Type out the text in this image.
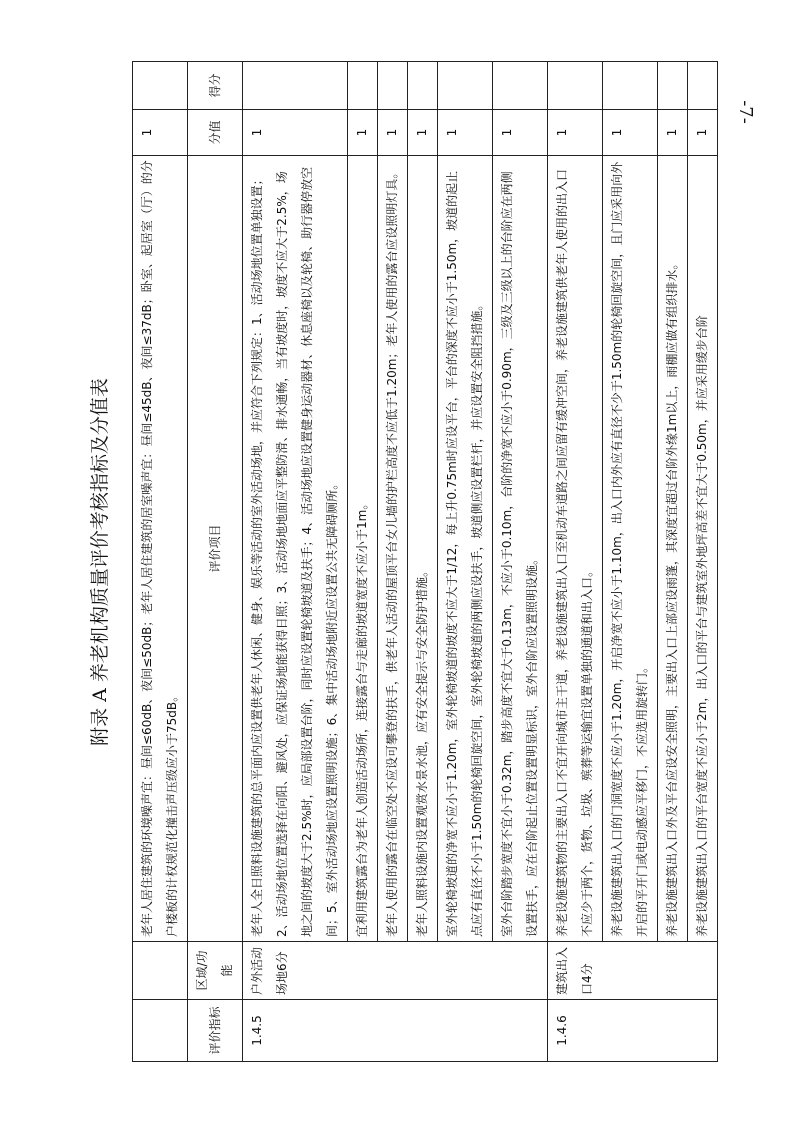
附录 A 养老机构质量评价考核指标及分值表
			老年人居住建筑的环境噪声宜：昼间≤60dB、夜间≤50dB；老年人居住建筑的居室噪声宜：昼间≤45dB、夜间≤37dB；卧室、起居室（厅）的分户楼板的计权规范化撞击声压级应小于75dB。	1	
评价指标	区域/功能	评价项目	分值	得分
1.4.5	户外活动场地6分	老年人全日照料设施建筑的总平面内应设置供老年人休闲、健身、娱乐等活动的室外活动场地，并应符合下列规定：1、活动场地位置单独设置；2、活动场地位置选择在向阳、避风处，应保证场地能获得日照；3、活动场地地面应平整防滑、排水通畅，当有坡度时，坡度不应大于2.5%，场地之间的坡度大于2.5%时，应局部设置台阶，同时应设置轮椅坡道及扶手；4、活动场地应设置健身运动器材、休息座椅以及轮椅、助行器停放空间；5、室外活动场地应设置照明设施；6、集中活动场地附近应设置公共无障碍厕所。	1	
		宜利用建筑露台为老年人创造活动场所，连接露台与走廊的坡道宽度不应小于1m。	1	
		老年人使用的露台在临空处不应设可攀登的扶手，供老年人活动的屋顶平台女儿墙的护栏高度不应低于1.20m；老年人使用的露台应设照明灯具。	1	
		老年人照料设施内设置观赏水景水池，应有安全提示与安全防护措施。	1	
		室外轮椅坡道的净宽不应小于1.20m，室外轮椅坡道的坡度不应大于1/12，每上升0.75m时应设平台，平台的深度不应小于1.50m，坡道的起止点应有直径不小于1.50m的轮椅回旋空间，室外轮椅坡道的两侧应设扶手，坡道侧应设置栏杆，并应设置安全阻挡措施。	1	
		室外台阶踏步宽度不宜小于0.32m，踏步高度不宜大于0.13m，不应小于0.10m，台阶的净宽不应小于0.90m，三级及三级以上的台阶应在两侧设置扶手，应在台阶起止位置设置明显标识，室外台阶应设置照明设施。	1	
1.4.6	建筑出入口4分	养老设施建筑物的主要出入口不宜开向城市主干道，养老设施建筑出入口至机动车道路之间应留有缓冲空间，养老设施建筑供老年人使用的出入口不应少于两个，货物、垃圾、殡葬等运输宜设置单独的通道和出入口。	1	
		养老设施建筑出入口的门洞宽度不应小于1.20m，开启净宽不应小于1.10m，出入口内外应有直径不少于1.50m的轮椅回旋空间，且门应采用向外开启的平开门或电动感应平移门，不应选用旋转门。	1	
		养老设施建筑出入口外及平台应设安全照明，主要出入口上部应设雨篷，其深度宜超过台阶外缘1m以上，雨棚应做有组织排水。	1	
		养老设施建筑出入口的平台宽度不应小于2m，出入口的平台与建筑室外地坪高差不宜大于0.50m，并应采用缓步台阶	1	
-7-
